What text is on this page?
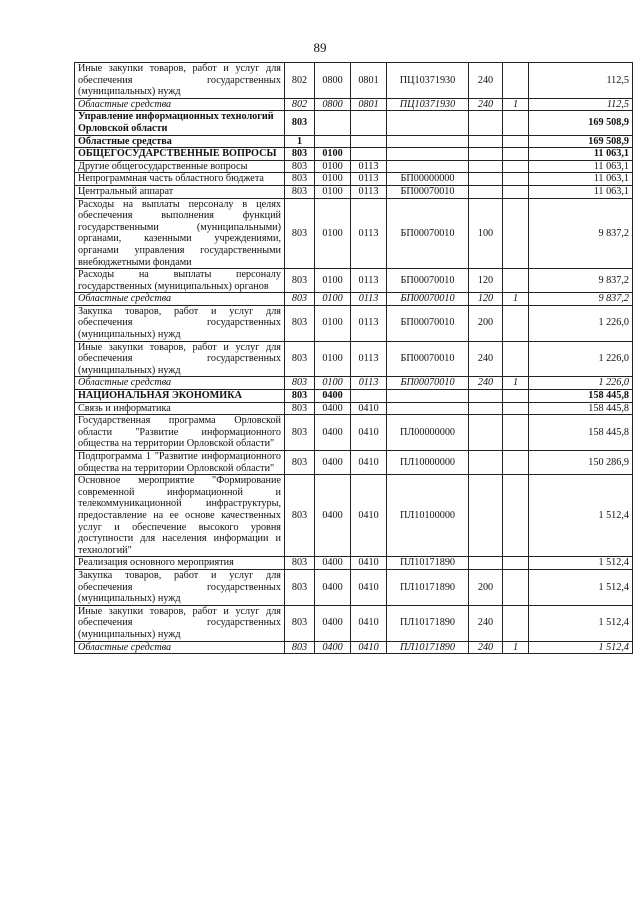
89
Иные закупки товаров, работ и услуг для обеспечения государственных (муниципальных) нужд	802	0800	0801	ПЦ10371930	240		112,5
Областные средства	802	0800	0801	ПЦ10371930	240	1	112,5
Управление информационных технологий Орловской области	803						169 508,9
Областные средства	1						169 508,9
ОБЩЕГОСУДАРСТВЕННЫЕ ВОПРОСЫ	803	0100					11 063,1
Другие общегосударственные вопросы	803	0100	0113				11 063,1
Непрограммная часть областного бюджета	803	0100	0113	БП00000000			11 063,1
Центральный аппарат	803	0100	0113	БП00070010			11 063,1
Расходы на выплаты персоналу в целях обеспечения выполнения функций государственными (муниципальными) органами, казенными учреждениями, органами управления государственными внебюджетными фондами	803	0100	0113	БП00070010	100		9 837,2
Расходы на выплаты персоналу государственных (муниципальных) органов	803	0100	0113	БП00070010	120		9 837,2
Областные средства	803	0100	0113	БП00070010	120	1	9 837,2
Закупка товаров, работ и услуг для обеспечения государственных (муниципальных) нужд	803	0100	0113	БП00070010	200		1 226,0
Иные закупки товаров, работ и услуг для обеспечения государственных (муниципальных) нужд	803	0100	0113	БП00070010	240		1 226,0
Областные средства	803	0100	0113	БП00070010	240	1	1 226,0
НАЦИОНАЛЬНАЯ ЭКОНОМИКА	803	0400					158 445,8
Связь и информатика	803	0400	0410				158 445,8
Государственная программа Орловской области "Развитие информационного общества на территории Орловской области"	803	0400	0410	ПЛ00000000			158 445,8
Подпрограмма 1 "Развитие информационного общества на территории Орловской области"	803	0400	0410	ПЛ10000000			150 286,9
Основное мероприятие "Формирование современной информационной и телекоммуникационной инфраструктуры, предоставление на ее основе качественных услуг и обеспечение высокого уровня доступности для населения информации и технологий"	803	0400	0410	ПЛ10100000			1 512,4
Реализация основного мероприятия	803	0400	0410	ПЛ10171890			1 512,4
Закупка товаров, работ и услуг для обеспечения государственных (муниципальных) нужд	803	0400	0410	ПЛ10171890	200		1 512,4
Иные закупки товаров, работ и услуг для обеспечения государственных (муниципальных) нужд	803	0400	0410	ПЛ10171890	240		1 512,4
Областные средства	803	0400	0410	ПЛ10171890	240	1	1 512,4
